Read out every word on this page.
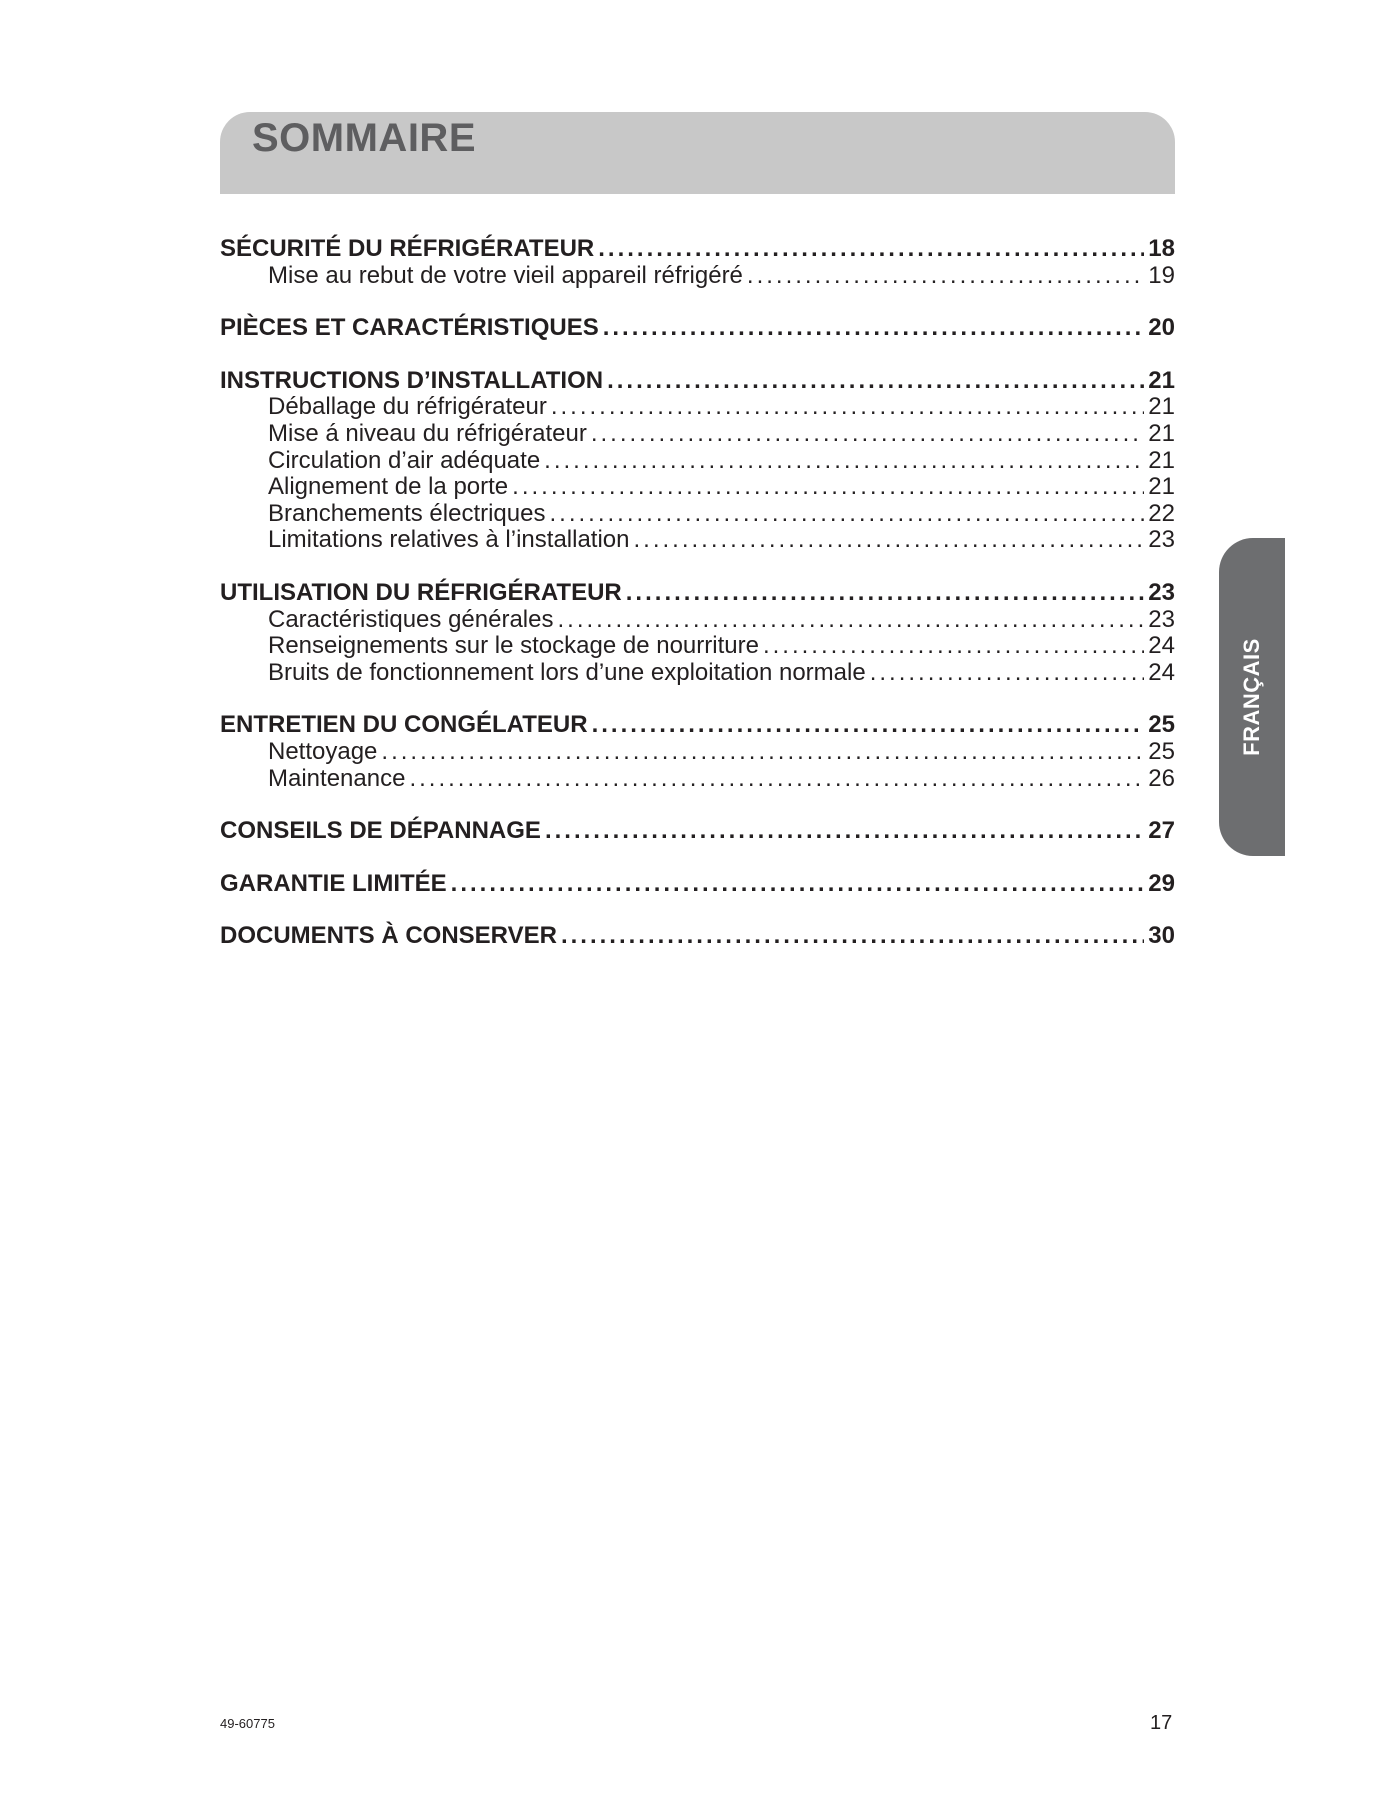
SOMMAIRE
SÉCURITÉ DU RÉFRIGÉRATEUR .....	18
Mise au rebut de votre vieil appareil réfrigéré .....	19
PIÈCES ET CARACTÉRISTIQUES .....	20
INSTRUCTIONS D’INSTALLATION .....	21
Déballage du réfrigérateur .....	21
Mise á niveau du réfrigérateur .....	21
Circulation d’air adéquate .....	21
Alignement de la porte .....	21
Branchements électriques .....	22
Limitations relatives à l’installation .....	23
UTILISATION DU RÉFRIGÉRATEUR .....	23
Caractéristiques générales .....	23
Renseignements sur le stockage de nourriture .....	24
Bruits de fonctionnement lors d’une exploitation normale .....	24
ENTRETIEN DU CONGÉLATEUR .....	25
Nettoyage .....	25
Maintenance .....	26
CONSEILS DE DÉPANNAGE .....	27
GARANTIE LIMITÉE .....	29
DOCUMENTS À CONSERVER .....	30
FRANÇAIS
49-60775	17
